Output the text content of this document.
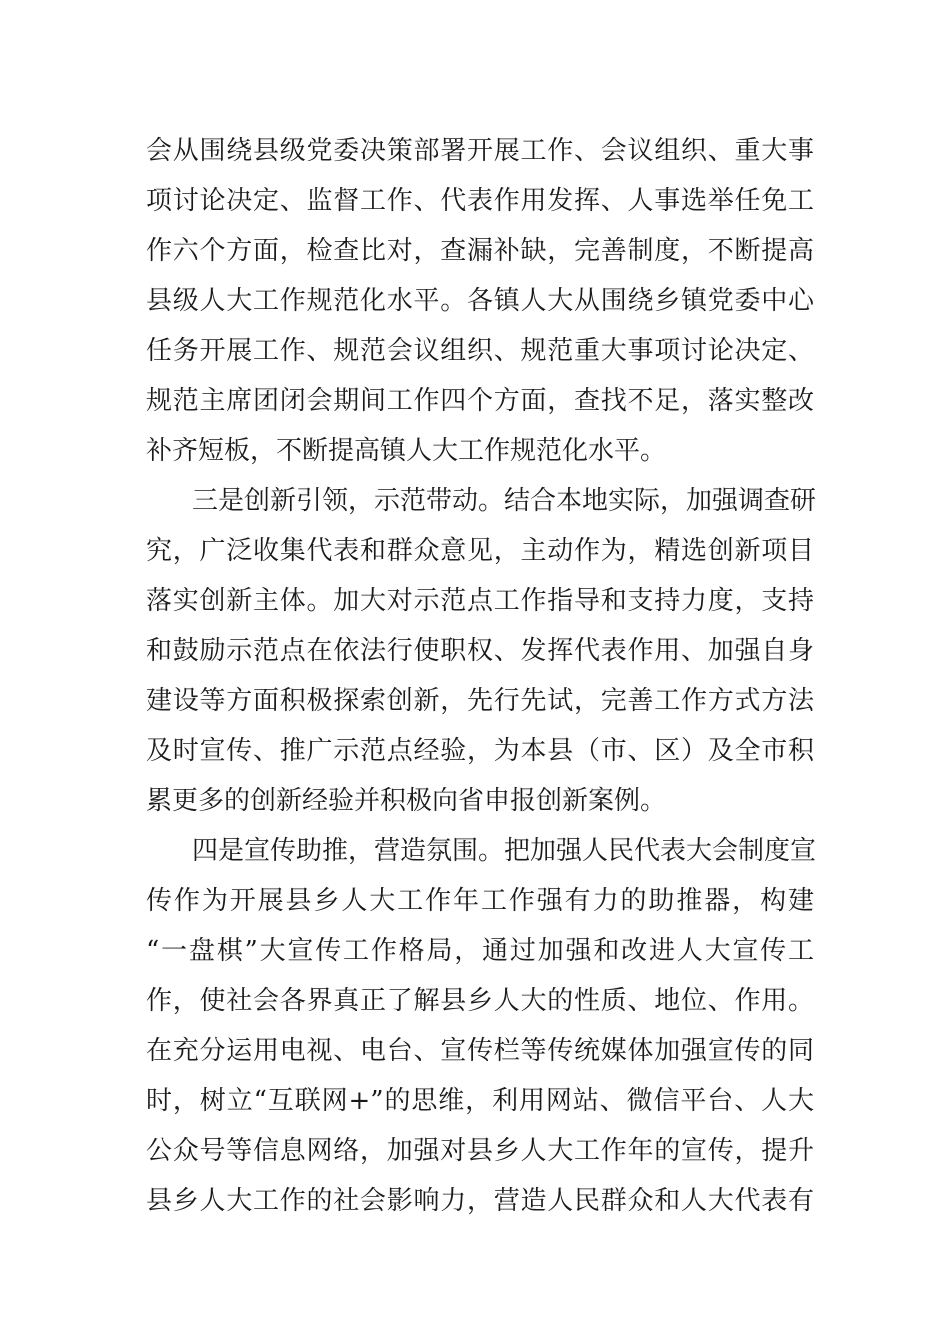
会从围绕县级党委决策部署开展工作、会议组织、重大事
项讨论决定、监督工作、代表作用发挥、人事选举任免工
作六个方面，检查比对，查漏补缺，完善制度，不断提高
县级人大工作规范化水平。各镇人大从围绕乡镇党委中心
任务开展工作、规范会议组织、规范重大事项讨论决定、
规范主席团闭会期间工作四个方面，查找不足，落实整改
补齐短板，不断提高镇人大工作规范化水平。
三是创新引领，示范带动。结合本地实际，加强调查研
究，广泛收集代表和群众意见，主动作为，精选创新项目
落实创新主体。加大对示范点工作指导和支持力度，支持
和鼓励示范点在依法行使职权、发挥代表作用、加强自身
建设等方面积极探索创新，先行先试，完善工作方式方法
及时宣传、推广示范点经验，为本县（市、区）及全市积
累更多的创新经验并积极向省申报创新案例。
四是宣传助推，营造氛围。把加强人民代表大会制度宣
传作为开展县乡人大工作年工作强有力的助推器，构建
“一盘棋”大宣传工作格局，通过加强和改进人大宣传工
作，使社会各界真正了解县乡人大的性质、地位、作用。
在充分运用电视、电台、宣传栏等传统媒体加强宣传的同
时，树立“互联网+”的思维，利用网站、微信平台、人大
公众号等信息网络，加强对县乡人大工作年的宣传，提升
县乡人大工作的社会影响力，营造人民群众和人大代表有
